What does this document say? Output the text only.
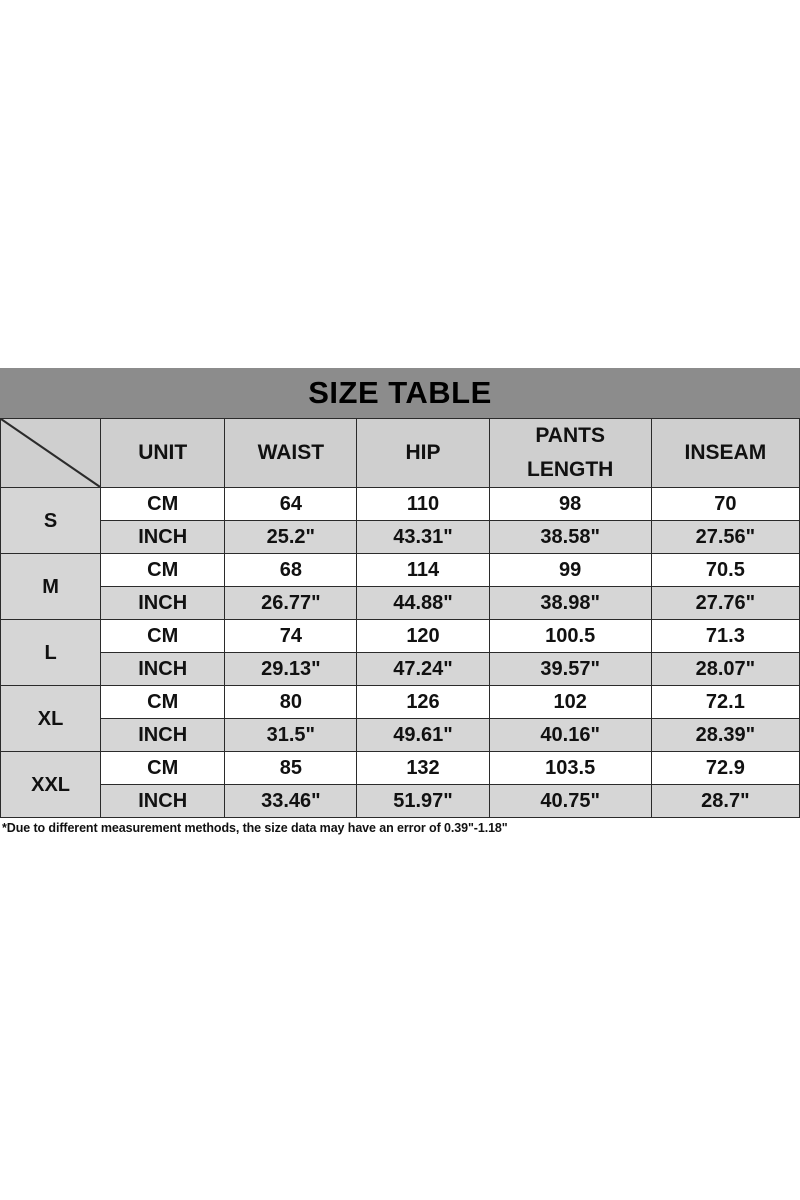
SIZE TABLE
	UNIT	WAIST	HIP	PANTS LENGTH	INSEAM
S	CM	64	110	98	70
	INCH	25.2"	43.31"	38.58"	27.56"
M	CM	68	114	99	70.5
	INCH	26.77"	44.88"	38.98"	27.76"
L	CM	74	120	100.5	71.3
	INCH	29.13"	47.24"	39.57"	28.07"
XL	CM	80	126	102	72.1
	INCH	31.5"	49.61"	40.16"	28.39"
XXL	CM	85	132	103.5	72.9
	INCH	33.46"	51.97"	40.75"	28.7"
*Due to different measurement methods, the size data may have an error of 0.39"-1.18"
